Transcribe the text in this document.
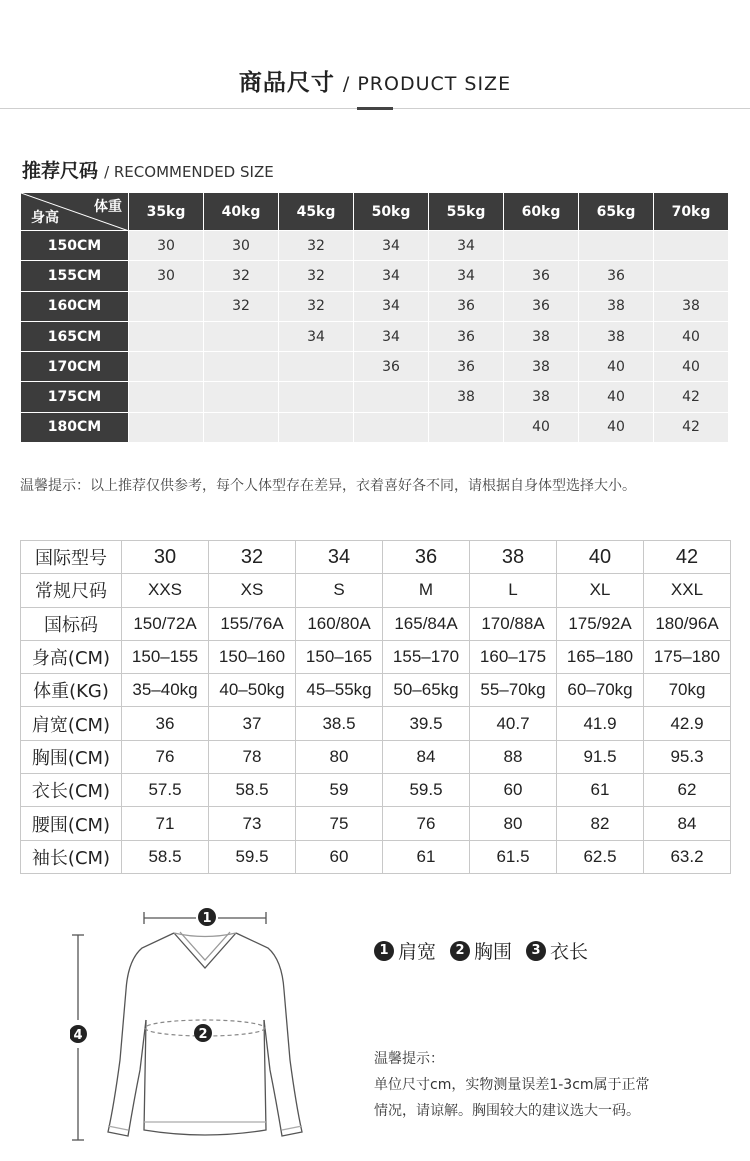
商品尺寸 / PRODUCT SIZE
推荐尺码 / RECOMMENDED SIZE
体重
身高	35kg	40kg	45kg	50kg	55kg	60kg	65kg	70kg
150CM	30	30	32	34	34			
155CM	30	32	32	34	34	36	36	
160CM		32	32	34	36	36	38	38
165CM			34	34	36	38	38	40
170CM				36	36	38	40	40
175CM					38	38	40	42
180CM						40	40	42
温馨提示：以上推荐仅供参考，每个人体型存在差异，衣着喜好各不同，请根据自身体型选择大小。
国际型号	30	32	34	36	38	40	42
常规尺码	XXS	XS	S	M	L	XL	XXL
国标码	150/72A	155/76A	160/80A	165/84A	170/88A	175/92A	180/96A
身高(CM)	150–155	150–160	150–165	155–170	160–175	165–180	175–180
体重(KG)	35–40kg	40–50kg	45–55kg	50–65kg	55–70kg	60–70kg	70kg
肩宽(CM)	36	37	38.5	39.5	40.7	41.9	42.9
胸围(CM)	76	78	80	84	88	91.5	95.3
衣长(CM)	57.5	58.5	59	59.5	60	61	62
腰围(CM)	71	73	75	76	80	82	84
袖长(CM)	58.5	59.5	60	61	61.5	62.5	63.2
1
2
4
1 肩宽	2 胸围	3 衣长
温馨提示：
单位尺寸cm，实物测量误差1-3cm属于正常
情况，请谅解。胸围较大的建议选大一码。
